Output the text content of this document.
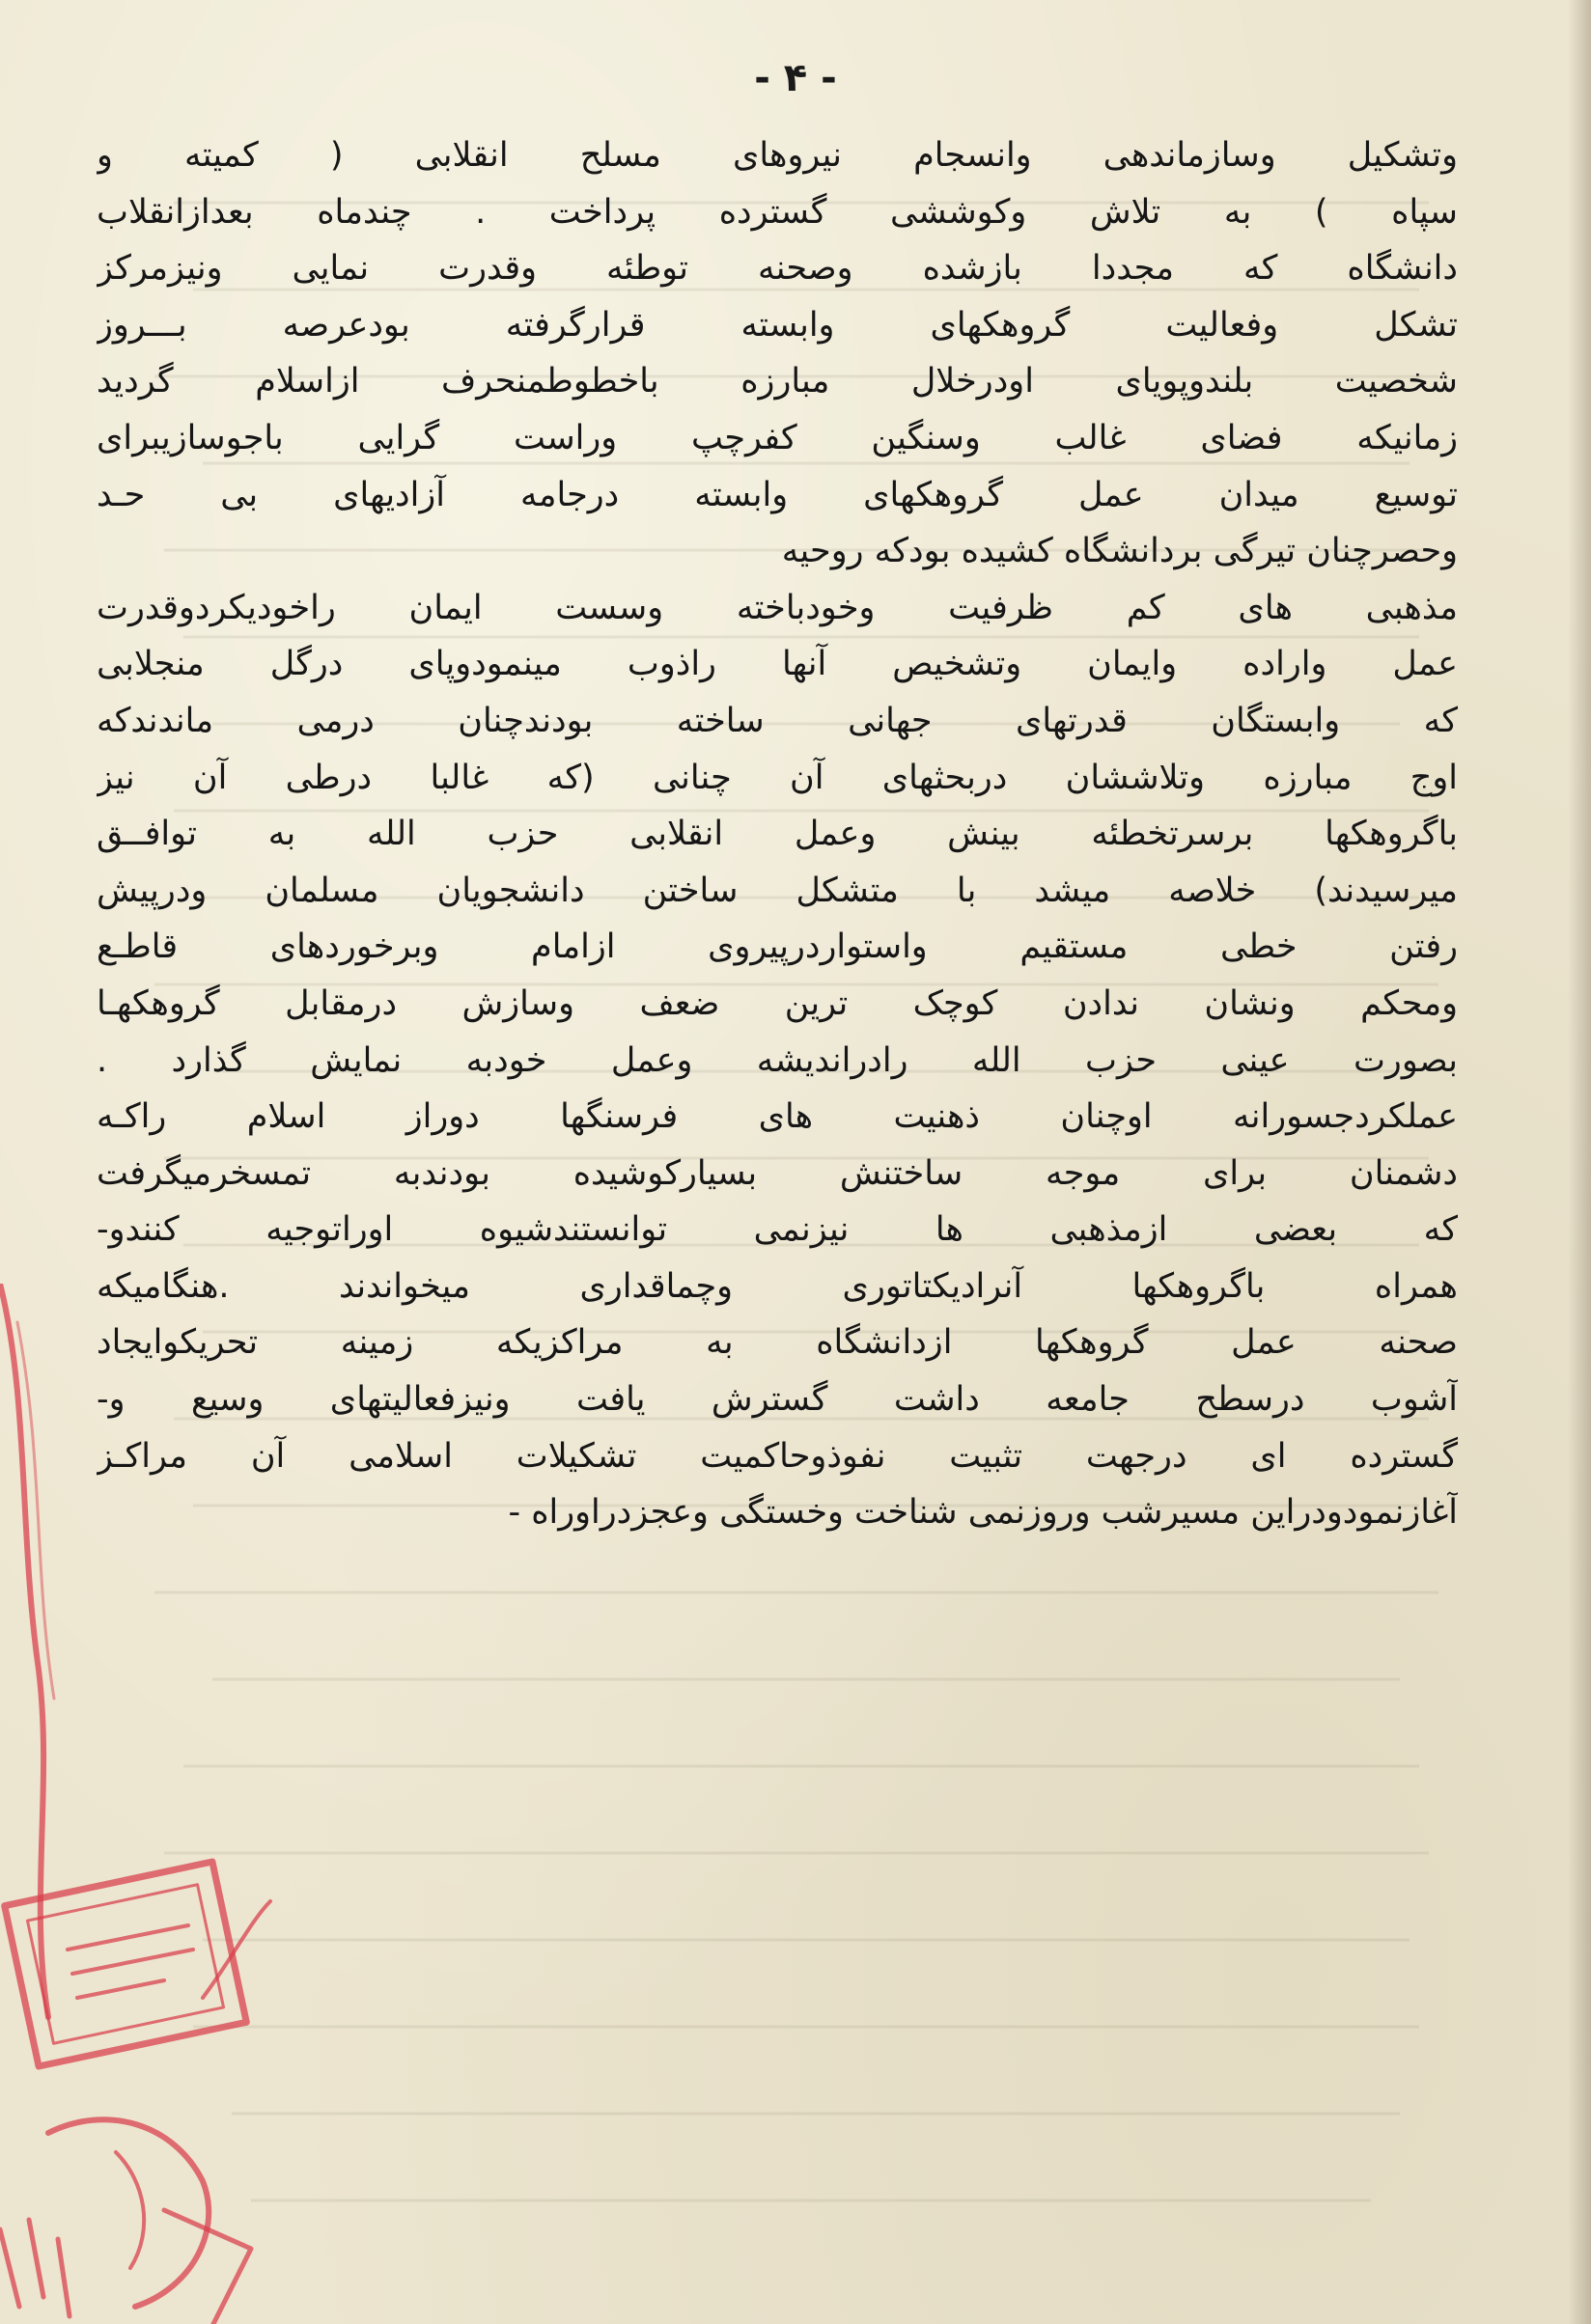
- ۴ -
وتشکیل وسازماندهی وانسجام نیروهای مسلح انقلابی ( کمیته و
سپاه ) به تلاش وکوششی گسترده پرداخت . چندماه بعدازانقلاب
دانشگاه که مجددا بازشده وصحنه توطئه وقدرت نمایی ونیزمرکز
تشکل وفعالیت گروهکهای وابسته قرارگرفته بودعرصه بـــروز
شخصیت بلندوپویای اودرخلال مبارزه باخطوطمنحرف ازاسلام گردید
زمانیکه فضای غالب وسنگین کفرچپ وراست گرایی باجوسازیبرای
توسیع میدان عمل گروهکهای وابسته درجامه آزادیهای بی حـد
وحصرچنان تیرگی بردانشگاه کشیده بودکه روحیه
مذهبی های کم ظرفیت وخودباخته وسست ایمان راخودیکردوقدرت
عمل واراده وایمان وتشخیص آنها راذوب مینمودوپای درگل منجلابی
که وابستگان قدرتهای جهانی ساخته بودندچنان درمی ماندندکه
اوج مبارزه وتلاششان دربحثهای آن چنانی (که غالبا درطی آن نیز
باگروهکها برسرتخطئه بینش وعمل انقلابی حزب الله به توافــق
میرسیدند) خلاصه میشد با متشکل ساختن دانشجویان مسلمان ودرپیش
رفتن خطی مستقیم واستواردرپیروی ازامام وبرخوردهای قاطـع
ومحکم ونشان ندادن کوچک ترین ضعف وسازش درمقابل گروهکهـا
بصورت عینی حزب الله رادراندیشه وعمل خودبه نمایش گذارد .
عملکردجسورانه اوچنان ذهنیت های فرسنگها دوراز اسلام راکـه
دشمنان برای موجه ساختنش بسیارکوشیده بودندبه تمسخرمیگرفت
که بعضی ازمذهبی ها نیزنمی توانستندشیوه اوراتوجیه کنندو-
همراه باگروهکها آنرادیکتاتوری وچماقداری میخواندند .هنگامیکه
صحنه عمل گروهکها ازدانشگاه به مراکزیکه زمینه تحریکوایجاد
آشوب درسطح جامعه داشت گسترش یافت ونیزفعالیتهای وسیع و-
گسترده ای درجهت تثبیت نفوذوحاکمیت تشکیلات اسلامی آن مراکـز
آغازنمودودراین مسیرشب وروزنمی شناخت وخستگی وعجزدراوراه -
